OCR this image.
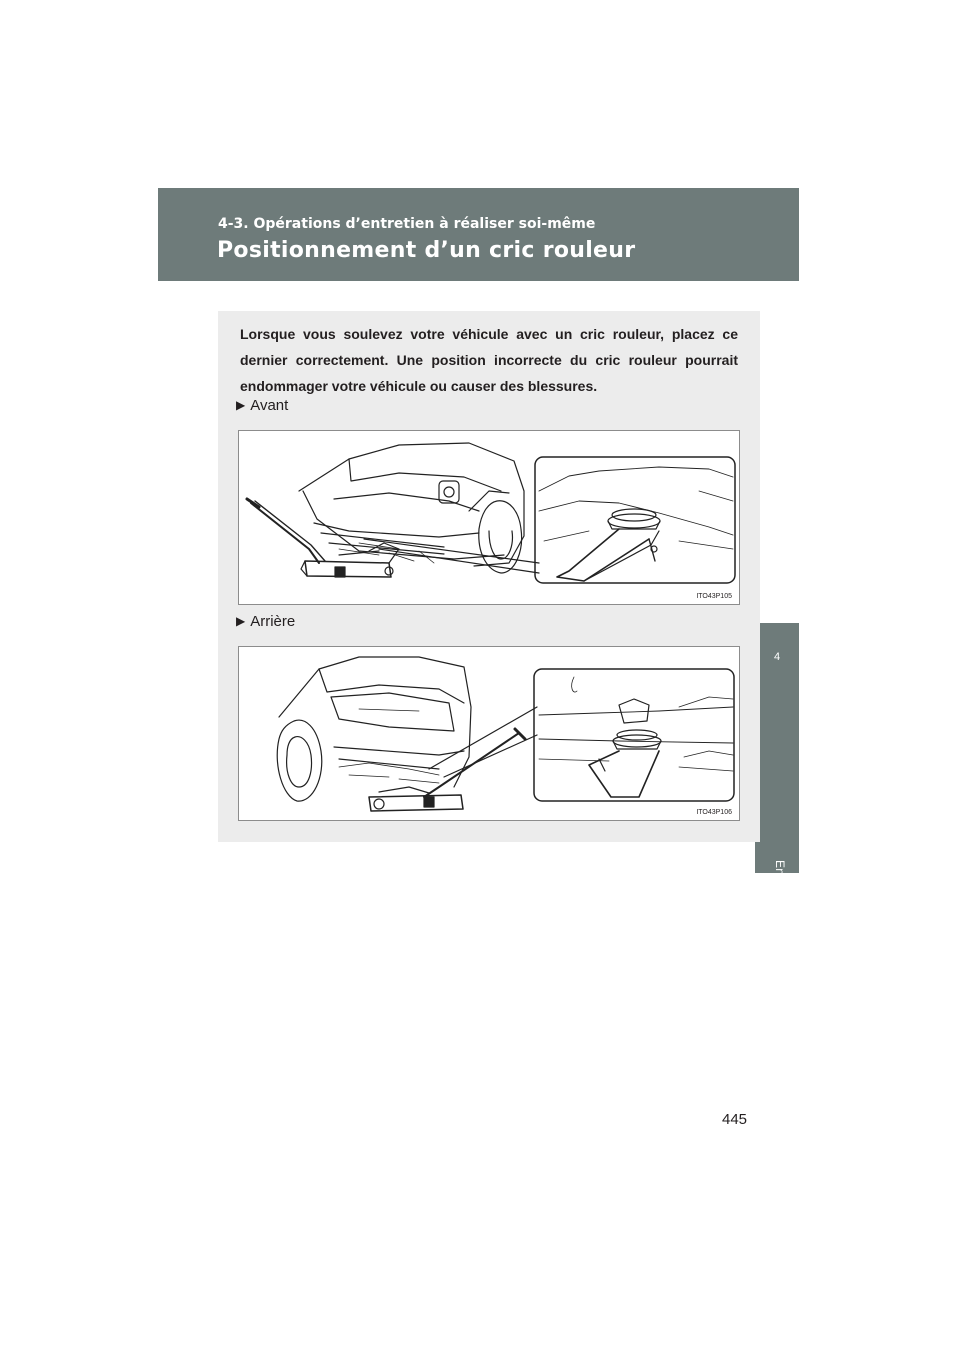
4-3. Opérations d’entretien à réaliser soi-même

Positionnement d’un cric rouleur
4
Entretien et nettoyage

Lorsque vous soulevez votre véhicule avec un cric rouleur, placez ce dernier correctement. Une position incorrecte du cric rouleur pourrait endommager votre véhicule ou causer des blessures.

▶ Avant
ITO43P105
▶ Arrière
ITO43P106
445
